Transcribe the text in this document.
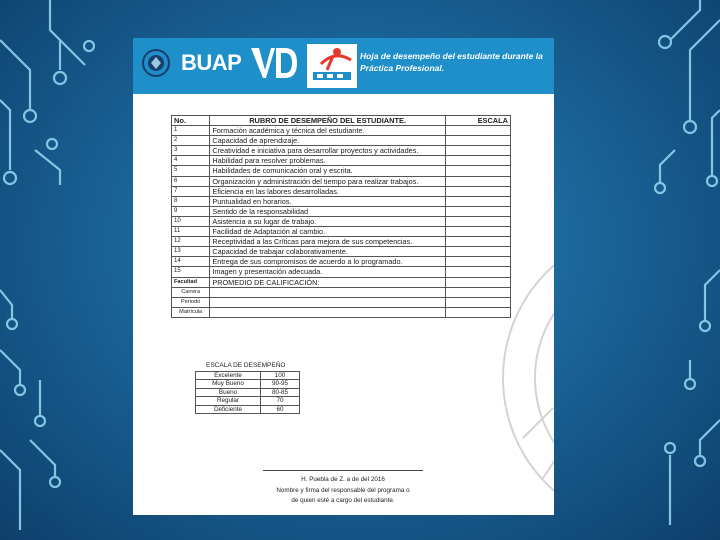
BUAP	Hoja de desempeño del estudiante durante la Práctica Profesional.
No.	RUBRO DE DESEMPEÑO DEL ESTUDIANTE.	ESCALA
1	Formación académica y técnica del estudiante.	
2	Capacidad de aprendizaje.	
3	Creatividad e iniciativa para desarrollar proyectos y actividades.	
4	Habilidad para resolver problemas.	
5	Habilidades de comunicación oral y escrita.	
6	Organización y administración del tiempo para realizar trabajos.	
7	Eficiencia en las labores desarrolladas.	
8	Puntualidad en horarios.	
9	Sentido de la responsabilidad	
10	Asistencia a su lugar de trabajo.	
11	Facilidad de Adaptación al cambio.	
12	Receptividad a las Críticas para mejora de sus competencias.	
13	Capacidad de trabajar colaborativamente.	
14	Entrega de sus compromisos de acuerdo a lo programado.	
15	Imagen y presentación adecuada.	
Facultad	PROMEDIO DE CALIFICACIÓN:	
Carrera		
Periodo		
Matrícula		
ESCALA DE DESEMPEÑO
Excelente	100
Muy Bueno	90-95
Bueno	80-85
Regular	70
Deficiente	60
H. Puebla de Z. a de del 2016
Nombre y firma del responsable del programa o
de quien esté a cargo del estudiante.
